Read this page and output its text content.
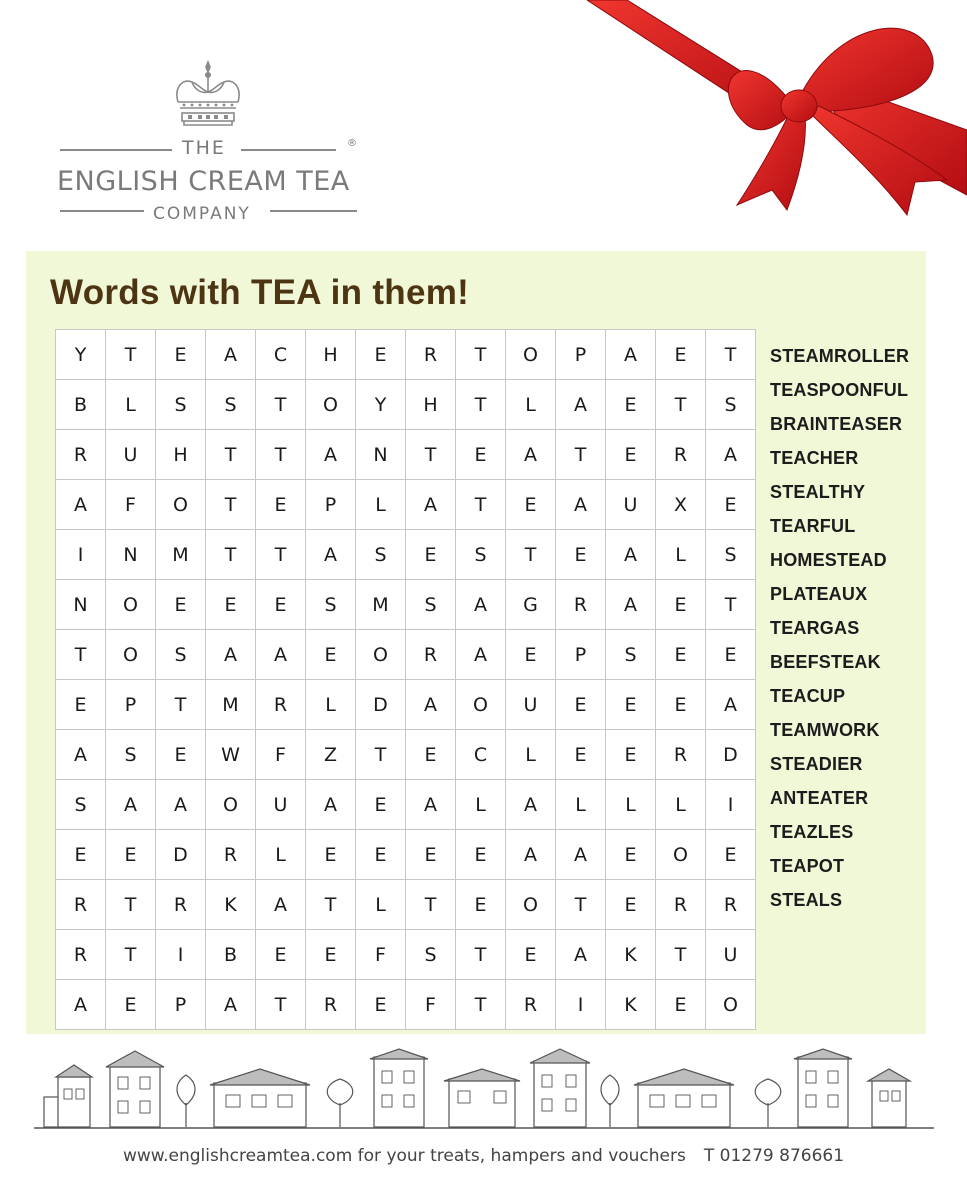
THE	®
ENGLISH CREAM TEA
COMPANY
Words with TEA in them!
Y	T	E	A	C	H	E	R	T	O	P	A	E	T
B	L	S	S	T	O	Y	H	T	L	A	E	T	S
R	U	H	T	T	A	N	T	E	A	T	E	R	A
A	F	O	T	E	P	L	A	T	E	A	U	X	E
I	N	M	T	T	A	S	E	S	T	E	A	L	S
N	O	E	E	E	S	M	S	A	G	R	A	E	T
T	O	S	A	A	E	O	R	A	E	P	S	E	E
E	P	T	M	R	L	D	A	O	U	E	E	E	A
A	S	E	W	F	Z	T	E	C	L	E	E	R	D
S	A	A	O	U	A	E	A	L	A	L	L	L	I
E	E	D	R	L	E	E	E	E	A	A	E	O	E
R	T	R	K	A	T	L	T	E	O	T	E	R	R
R	T	I	B	E	E	F	S	T	E	A	K	T	U
A	E	P	A	T	R	E	F	T	R	I	K	E	O
STEAMROLLER
TEASPOONFUL
BRAINTEASER
TEACHER
STEALTHY
TEARFUL
HOMESTEAD
PLATEAUX
TEARGAS
BEEFSTEAK
TEACUP
TEAMWORK
STEADIER
ANTEATER
TEAZLES
TEAPOT
STEALS
www.englishcreamtea.com for your treats, hampers and vouchers T 01279 876661
